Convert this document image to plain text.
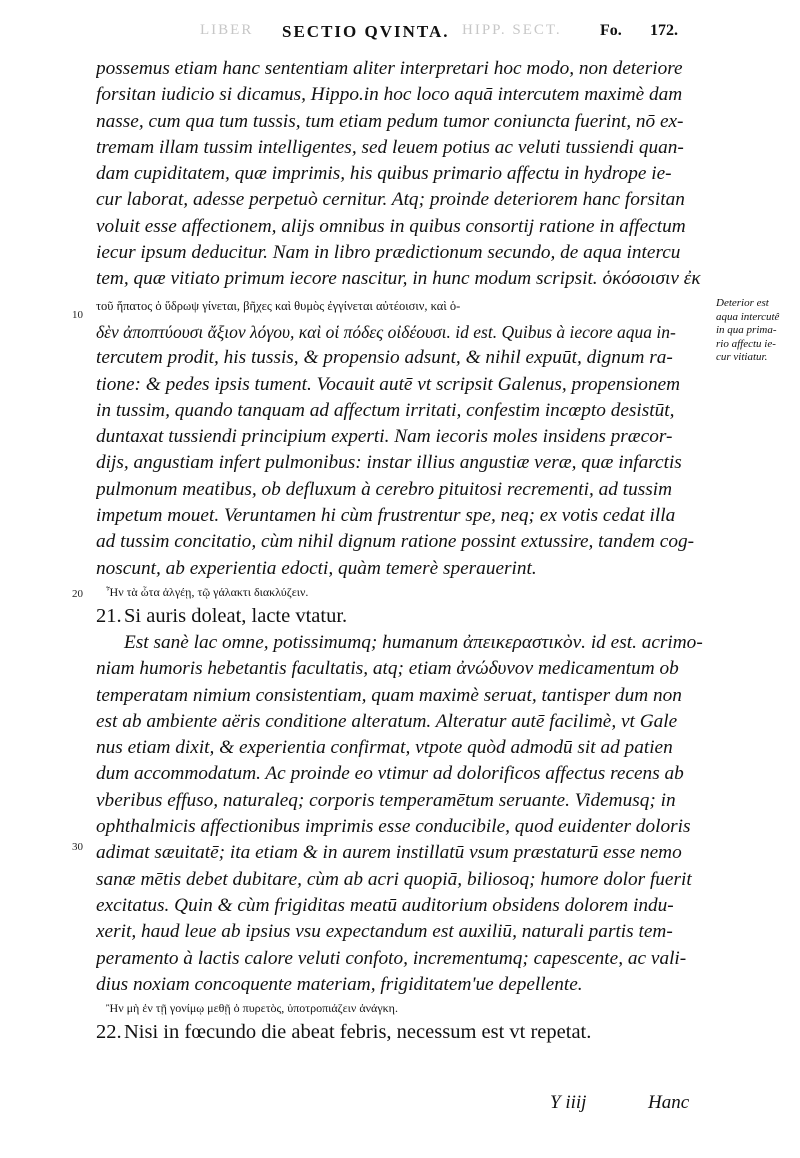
LIBER SECTIO QVINTA. HIPP. SECT. Fo. 172.
10
20
30
Deterior est
aqua intercutê
in qua prima-
rio affectu ie-
cur vitiatur.
possemus etiam hanc sententiam aliter interpretari hoc modo, non deteriore
forsitan iudicio si dicamus, Hippo.in hoc loco aquā intercutem maximè dam
nasse, cum qua tum tussis, tum etiam pedum tumor coniuncta fuerint, nō ex-
tremam illam tussim intelligentes, sed leuem potius ac veluti tussiendi quan-
dam cupiditatem, quæ imprimis, his quibus primario affectu in hydrope ie-
cur laborat, adesse perpetuò cernitur. Atq; proinde deteriorem hanc forsitan
voluit esse affectionem, alijs omnibus in quibus consortij ratione in affectum
iecur ipsum deducitur. Nam in libro prædictionum secundo, de aqua intercu
tem, quæ vitiato primum iecore nascitur, in hunc modum scripsit. ὁκόσοισιν ἐκ
τοῦ ἥπατος ὁ ὕδρωψ γίνεται, βῆχες καὶ θυμὸς ἐγγίνεται αὐτέοισιν, καὶ ὁ-
δὲν ἀποπτύουσι ἄξιον λόγου, καὶ οἱ πόδες οἰδέουσι. id est. Quibus à iecore aqua in-
tercutem prodit, his tussis, & propensio adsunt, & nihil expuūt, dignum ra-
tione: & pedes ipsis tument. Vocauit autē vt scripsit Galenus, propensionem
in tussim, quando tanquam ad affectum irritati, confestim incœpto desistūt,
duntaxat tussiendi principium experti. Nam iecoris moles insidens præcor-
dijs, angustiam infert pulmonibus: instar illius angustiæ veræ, quæ infarctis
pulmonum meatibus, ob defluxum à cerebro pituitosi recrementi, ad tussim
impetum mouet. Veruntamen hi cùm frustrentur spe, neq; ex votis cedat illa
ad tussim concitatio, cùm nihil dignum ratione possint extussire, tandem cog-
noscunt, ab experientia edocti, quàm temerè sperauerint.
Ἦν τὰ ὦτα ἀλγέῃ, τῷ γάλακτι διακλύζειν.
21. Si auris doleat, lacte vtatur.
Est sanè lac omne, potissimumq; humanum ἀπεικεραστικὸν. id est. acrimo-
niam humoris hebetantis facultatis, atq; etiam ἀνώδυνον medicamentum ob
temperatam nimium consistentiam, quam maximè seruat, tantisper dum non
est ab ambiente aëris conditione alteratum. Alteratur autē facilimè, vt Gale
nus etiam dixit, & experientia confirmat, vtpote quòd admodū sit ad patien
dum accommodatum. Ac proinde eo vtimur ad dolorificos affectus recens ab
vberibus effuso, naturaleq; corporis temperamētum seruante. Videmusq; in
ophthalmicis affectionibus imprimis esse conducibile, quod euidenter doloris
adimat sæuitatē; ita etiam & in aurem instillatū vsum præstaturū esse nemo
sanæ mētis debet dubitare, cùm ab acri quopiā, biliosoq; humore dolor fuerit
excitatus. Quin & cùm frigiditas meatū auditorium obsidens dolorem indu-
xerit, haud leue ab ipsius vsu expectandum est auxiliū, naturali partis tem-
peramento à lactis calore veluti confoto, incrementumq; capescente, ac vali-
dius noxiam concoquente materiam, frigiditatem'ue depellente.
Ἢν μὴ ἐν τῇ γονίμῳ μεθῇ ὁ πυρετὸς, ὑποτροπιάζειν ἀνάγκη.
22. Nisi in fœcundo die abeat febris, necessum est vt repetat.
Y iiij	Hanc
